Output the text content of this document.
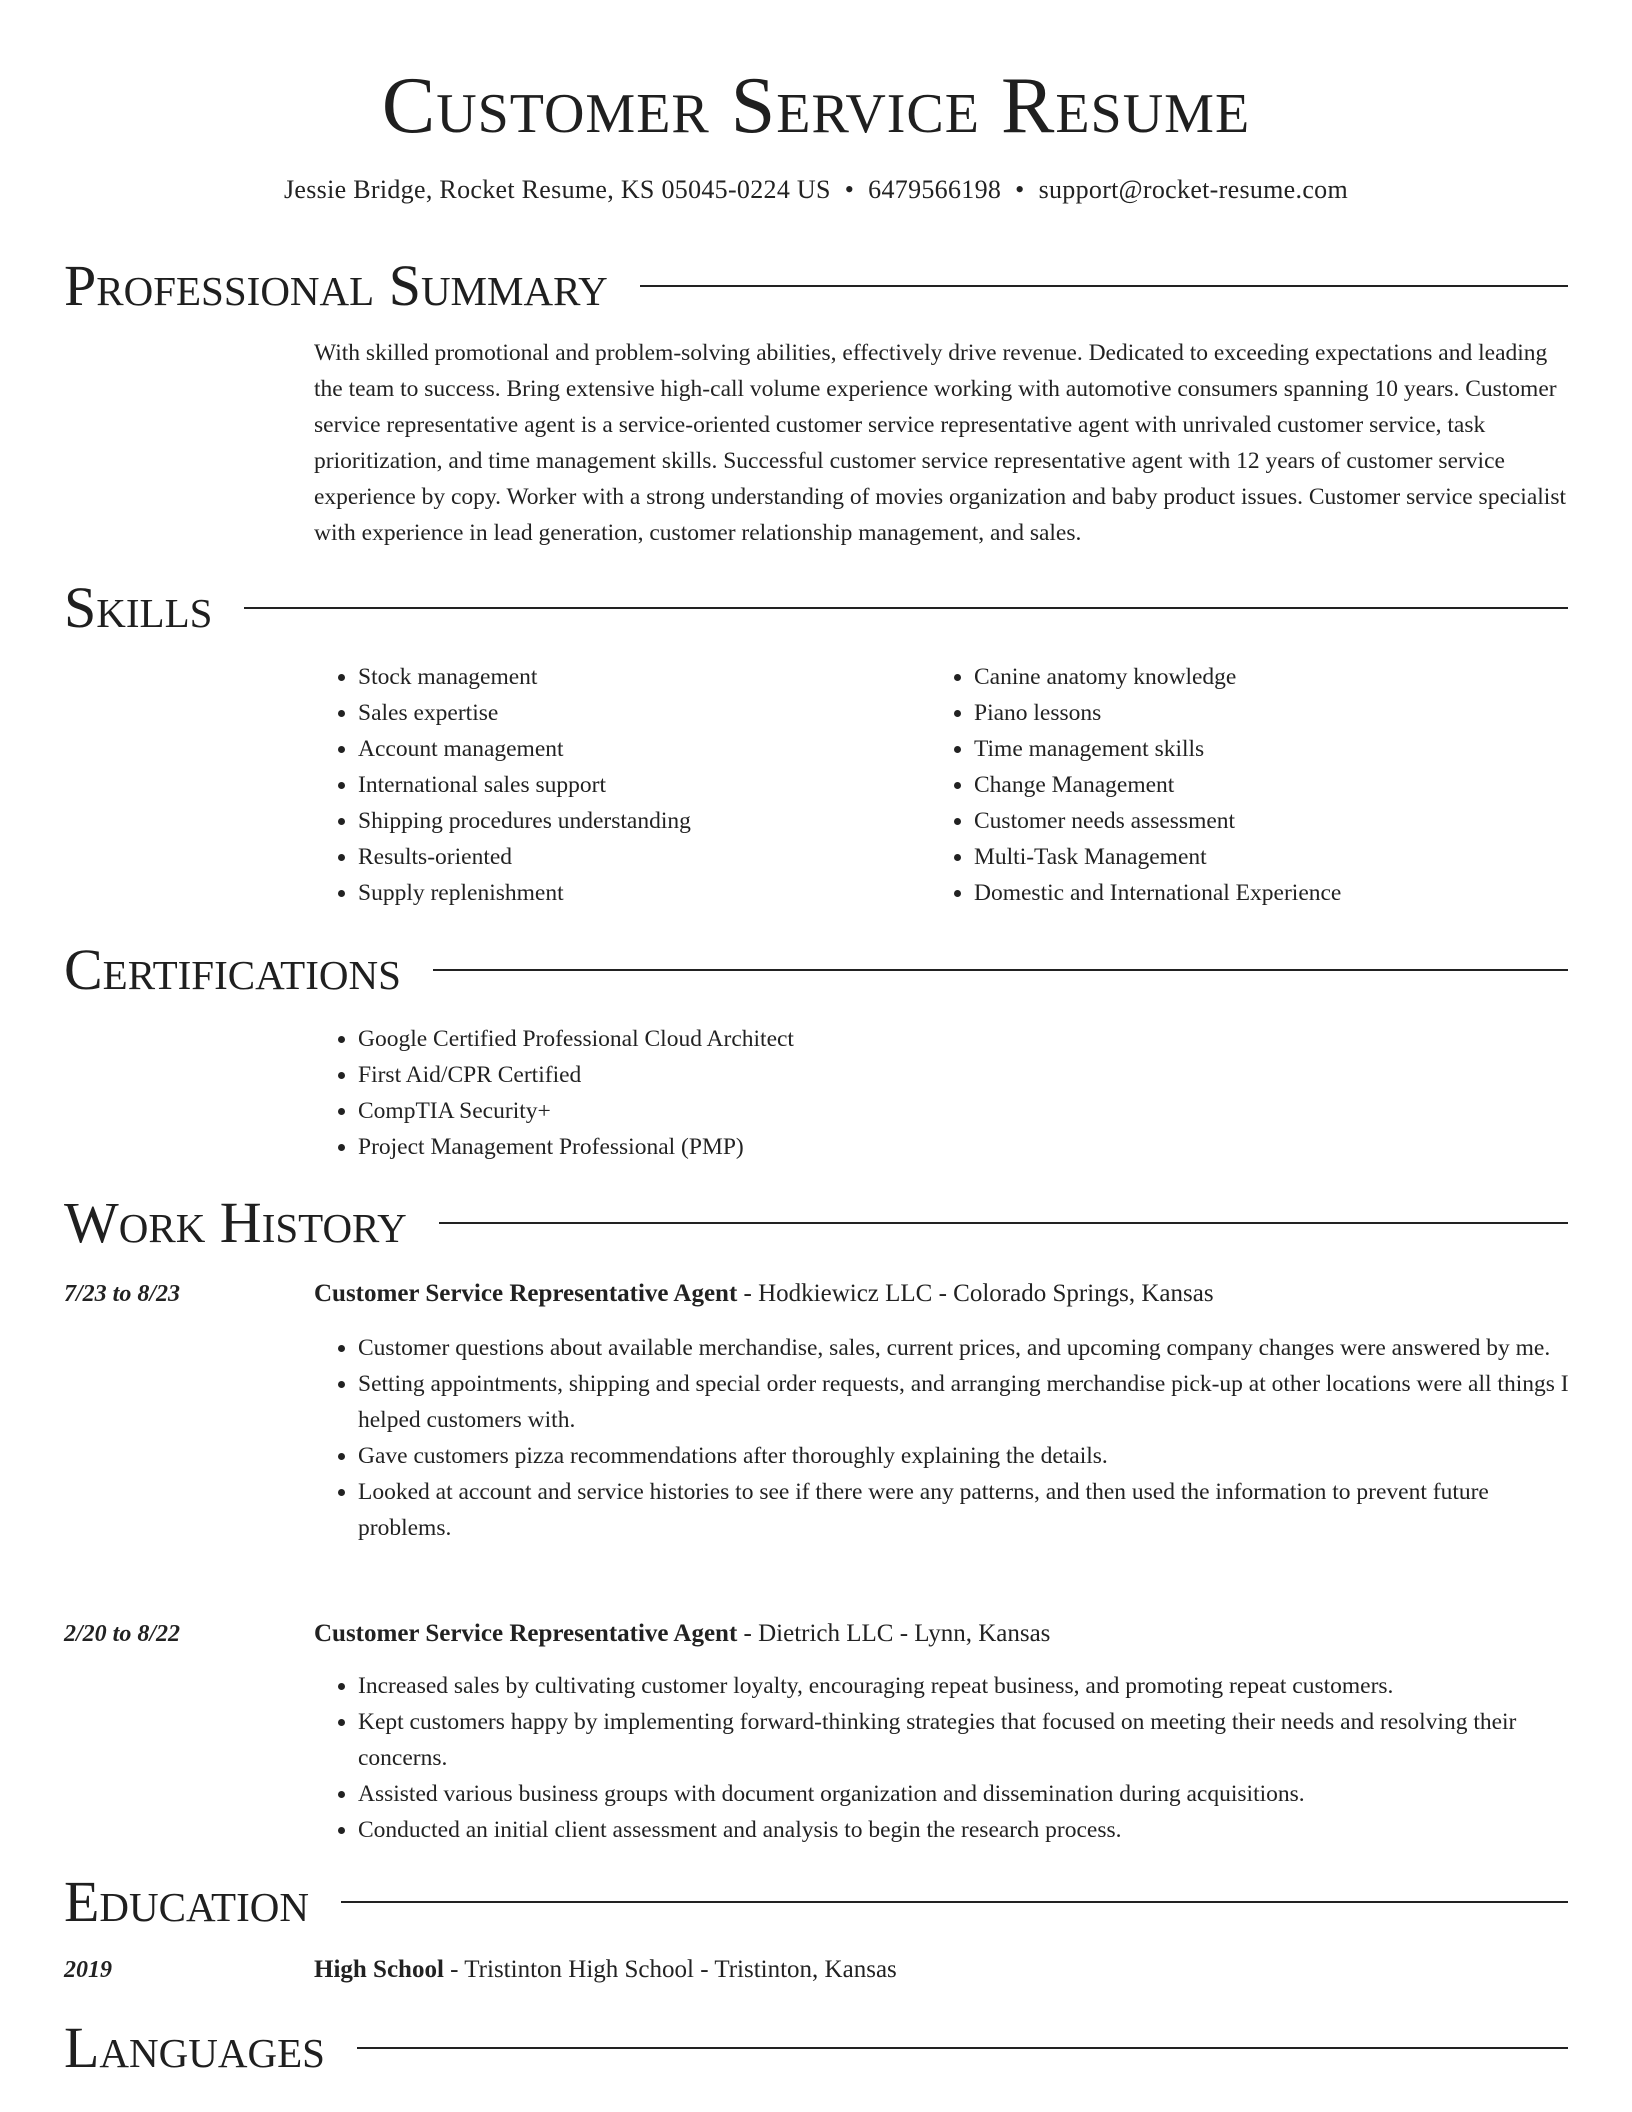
Customer Service Resume
Jessie Bridge, Rocket Resume, KS 05045-0224 US • 6479566198 • support@rocket-resume.com
Professional Summary

With skilled promotional and problem-solving abilities, effectively drive revenue. Dedicated to exceeding expectations and leading the team to success. Bring extensive high-call volume experience working with automotive consumers spanning 10 years. Customer service representative agent is a service-oriented customer service representative agent with unrivaled customer service, task prioritization, and time management skills. Successful customer service representative agent with 12 years of customer service experience by copy. Worker with a strong understanding of movies organization and baby product issues. Customer service specialist with experience in lead generation, customer relationship management, and sales.

Skills
• Stock management
• Sales expertise
• Account management
• International sales support
• Shipping procedures understanding
• Results-oriented
• Supply replenishment
• Canine anatomy knowledge
• Piano lessons
• Time management skills
• Change Management
• Customer needs assessment
• Multi-Task Management
• Domestic and International Experience
Certifications
• Google Certified Professional Cloud Architect
• First Aid/CPR Certified
• CompTIA Security+
• Project Management Professional (PMP)
Work History
7/23 to 8/23	Customer Service Representative Agent - Hodkiewicz LLC - Colorado Springs, Kansas
• Customer questions about available merchandise, sales, current prices, and upcoming company changes were answered by me.
• Setting appointments, shipping and special order requests, and arranging merchandise pick-up at other locations were all things I helped customers with.
• Gave customers pizza recommendations after thoroughly explaining the details.
• Looked at account and service histories to see if there were any patterns, and then used the information to prevent future problems.
2/20 to 8/22	Customer Service Representative Agent - Dietrich LLC - Lynn, Kansas
• Increased sales by cultivating customer loyalty, encouraging repeat business, and promoting repeat customers.
• Kept customers happy by implementing forward-thinking strategies that focused on meeting their needs and resolving their concerns.
• Assisted various business groups with document organization and dissemination during acquisitions.
• Conducted an initial client assessment and analysis to begin the research process.
Education
2019	High School - Tristinton High School - Tristinton, Kansas
Languages
